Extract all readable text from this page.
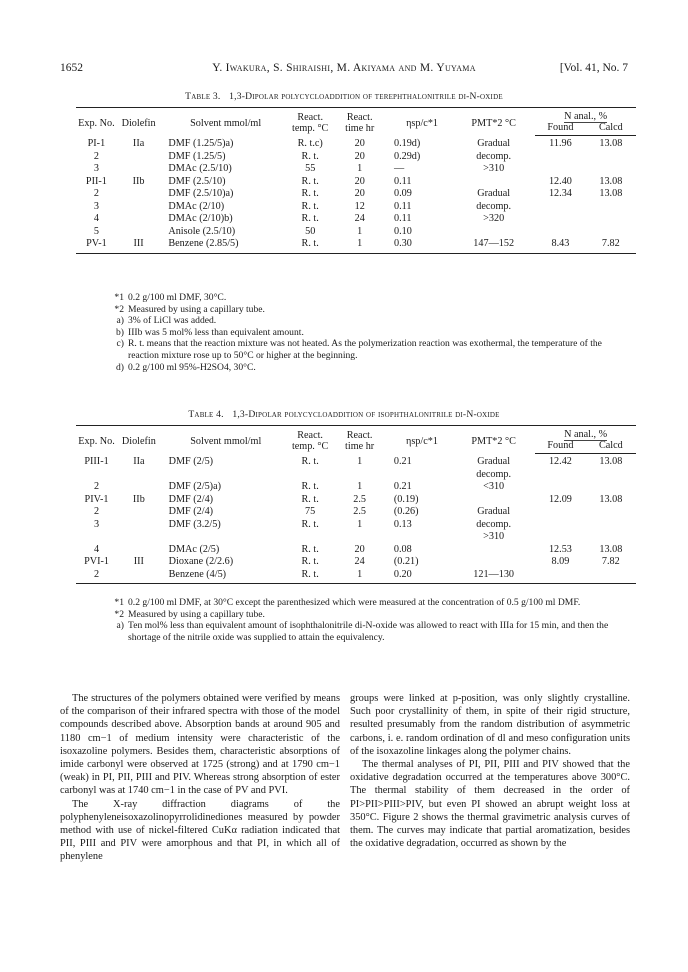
1652	Y. Iwakura, S. Shiraishi, M. Akiyama and M. Yuyama	[Vol. 41, No. 7
Table 3. 1,3-Dipolar polycycloaddition of terephthalonitrile di-N-oxide
Exp. No.	Diolefin	Solvent mmol/ml	React. temp. °C	React. time hr	ηsp/c*1	PMT*2 °C	N anal., %	
							Found	Calcd
PI-1	IIa	DMF (1.25/5)a)	R. t.c)	20	0.19d)	Gradual	11.96	13.08
2		DMF (1.25/5)	R. t.	20	0.29d)	decomp.		
3		DMAc (2.5/10)	55	1	—	>310		
PII-1	IIb	DMF (2.5/10)	R. t.	20	0.11		12.40	13.08
2		DMF (2.5/10)a)	R. t.	20	0.09	Gradual	12.34	13.08
3		DMAc (2/10)	R. t.	12	0.11	decomp.		
4		DMAc (2/10)b)	R. t.	24	0.11	>320		
5		Anisole (2.5/10)	50	1	0.10			
PV-1	III	Benzene (2.85/5)	R. t.	1	0.30	147—152	8.43	7.82
*1 0.2 g/100 ml DMF, 30°C.
*2 Measured by using a capillary tube.
a) 3% of LiCl was added.
b) IIIb was 5 mol% less than equivalent amount.
c) R. t. means that the reaction mixture was not heated. As the polymerization reaction was exothermal, the temperature of the reaction mixture rose up to 50°C or higher at the beginning.
d) 0.2 g/100 ml 95%-H2SO4, 30°C.
Table 4. 1,3-Dipolar polycycloaddition of isophthalonitrile di-N-oxide
Exp. No.	Diolefin	Solvent mmol/ml	React. temp. °C	React. time hr	ηsp/c*1	PMT*2 °C	N anal., %	
							Found	Calcd
PIII-1	IIa	DMF (2/5)	R. t.	1	0.21	Gradual	12.42	13.08
						decomp.		
2		DMF (2/5)a)	R. t.	1	0.21	<310		
PIV-1	IIb	DMF (2/4)	R. t.	2.5	(0.19)		12.09	13.08
2		DMF (2/4)	75	2.5	(0.26)	Gradual		
3		DMF (3.2/5)	R. t.	1	0.13	decomp.		
						>310		
4		DMAc (2/5)	R. t.	20	0.08		12.53	13.08
PVI-1	III	Dioxane (2/2.6)	R. t.	24	(0.21)		8.09	7.82
2		Benzene (4/5)	R. t.	1	0.20	121—130		
*1 0.2 g/100 ml DMF, at 30°C except the parenthesized which were measured at the concentration of 0.5 g/100 ml DMF.
*2 Measured by using a capillary tube.
a) Ten mol% less than equivalent amount of isophthalonitrile di-N-oxide was allowed to react with IIIa for 15 min, and then the shortage of the nitrile oxide was supplied to attain the equivalency.

The structures of the polymers obtained were verified by means of the comparison of their infrared spectra with those of the model compounds described above. Absorption bands at around 905 and 1180 cm−1 of medium intensity were characteristic of the isoxazoline polymers. Besides them, characteristic absorptions of imide carbonyl were observed at 1725 (strong) and at 1790 cm−1 (weak) in PI, PII, PIII and PIV. Whereas strong absorption of ester carbonyl was at 1740 cm−1 in the case of PV and PVI.

The X-ray diffraction diagrams of the polyphenyleneisoxazolinopyrrolidinediones measured by powder method with use of nickel-filtered CuKα radiation indicated that PII, PIII and PIV were amorphous and that PI, in which all of phenylene

groups were linked at p-position, was only slightly crystalline. Such poor crystallinity of them, in spite of their rigid structure, resulted presumably from the random distribution of asymmetric carbons, i. e. random ordination of dl and meso configuration units of the isoxazoline linkages along the polymer chains.

The thermal analyses of PI, PII, PIII and PIV showed that the oxidative degradation occurred at the temperatures above 300°C. The thermal stability of them decreased in the order of PI>PII>PIII>PIV, but even PI showed an abrupt weight loss at 350°C. Figure 2 shows the thermal gravimetric analysis curves of them. The curves may indicate that partial aromatization, besides the oxidative degradation, occurred as shown by the
